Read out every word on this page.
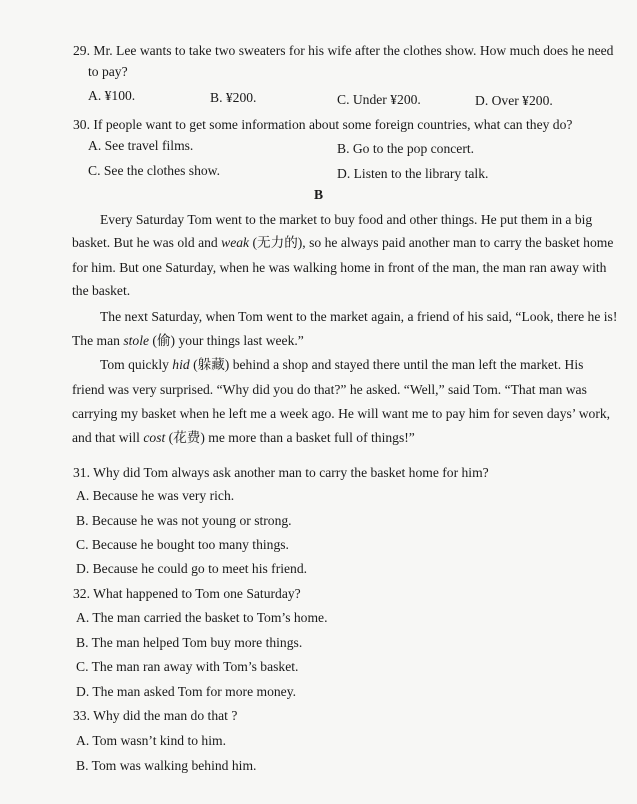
29. Mr. Lee wants to take two sweaters for his wife after the clothes show. How much does he need
to pay?
A. ¥100.	B. ¥200.	C. Under ¥200.	D. Over ¥200.
30. If people want to get some information about some foreign countries, what can they do?
A. See travel films.	B. Go to the pop concert.
C. See the clothes show.	D. Listen to the library talk.
B
Every Saturday Tom went to the market to buy food and other things. He put them in a big
basket. But he was old and weak (无力的), so he always paid another man to carry the basket home
for him. But one Saturday, when he was walking home in front of the man, the man ran away with
the basket.
The next Saturday, when Tom went to the market again, a friend of his said, “Look, there he is!
The man stole (偷) your things last week.”
Tom quickly hid (躲藏) behind a shop and stayed there until the man left the market. His
friend was very surprised. “Why did you do that?” he asked. “Well,” said Tom. “That man was
carrying my basket when he left me a week ago. He will want me to pay him for seven days’ work,
and that will cost (花费) me more than a basket full of things!”
31. Why did Tom always ask another man to carry the basket home for him?
A. Because he was very rich.
B. Because he was not young or strong.
C. Because he bought too many things.
D. Because he could go to meet his friend.
32. What happened to Tom one Saturday?
A. The man carried the basket to Tom’s home.
B. The man helped Tom buy more things.
C. The man ran away with Tom’s basket.
D. The man asked Tom for more money.
33. Why did the man do that ?
A. Tom wasn’t kind to him.
B. Tom was walking behind him.
